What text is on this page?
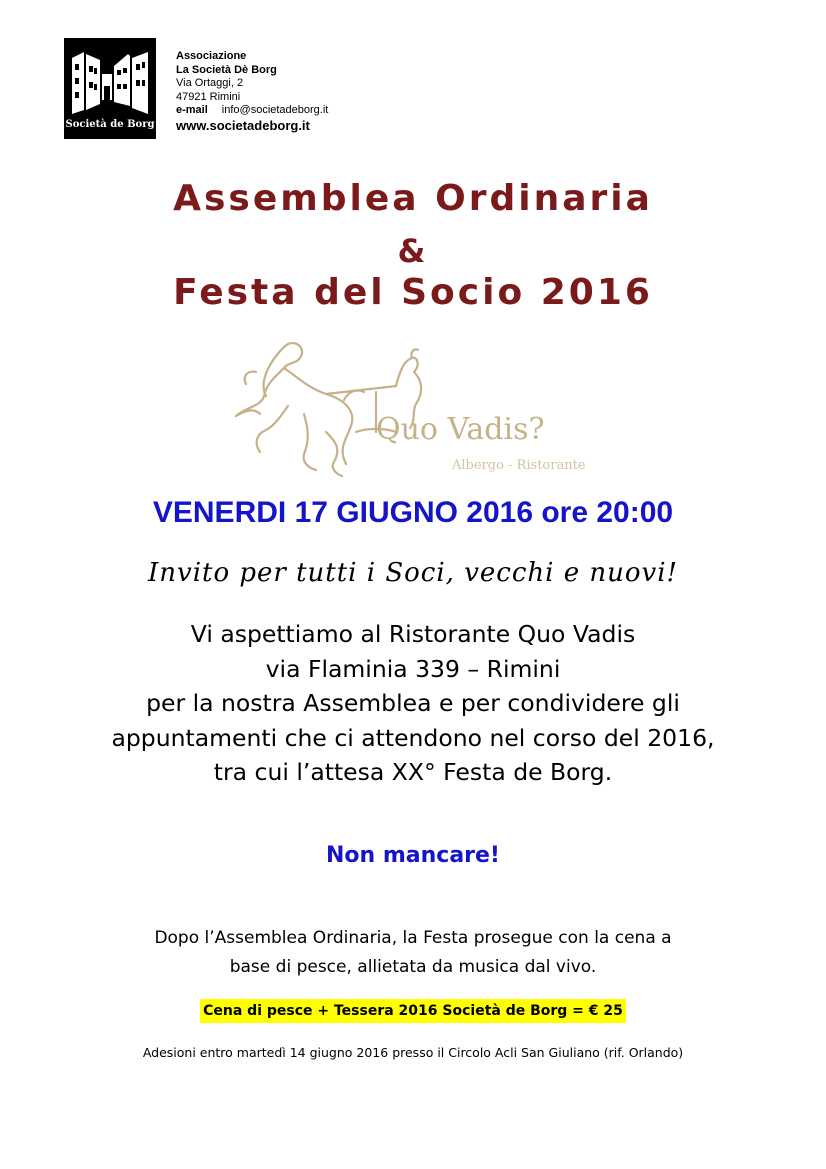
Società de Borg
Associazione
La Società Dè Borg
Via Ortaggi, 2
47921 Rimini
e-mail info@societadeborg.it
www.societadeborg.it
Assemblea Ordinaria
&
Festa del Socio 2016
Quo Vadis?
Albergo - Ristorante
VENERDI 17 GIUGNO 2016 ore 20:00
Invito per tutti i Soci, vecchi e nuovi!
Vi aspettiamo al Ristorante Quo Vadis
via Flaminia 339 – Rimini
per la nostra Assemblea e per condividere gli
appuntamenti che ci attendono nel corso del 2016,
tra cui l’attesa XX° Festa de Borg.
Non mancare!
Dopo l’Assemblea Ordinaria, la Festa prosegue con la cena a
base di pesce, allietata da musica dal vivo.
Cena di pesce + Tessera 2016 Società de Borg = € 25
Adesioni entro martedì 14 giugno 2016 presso il Circolo Acli San Giuliano (rif. Orlando)
